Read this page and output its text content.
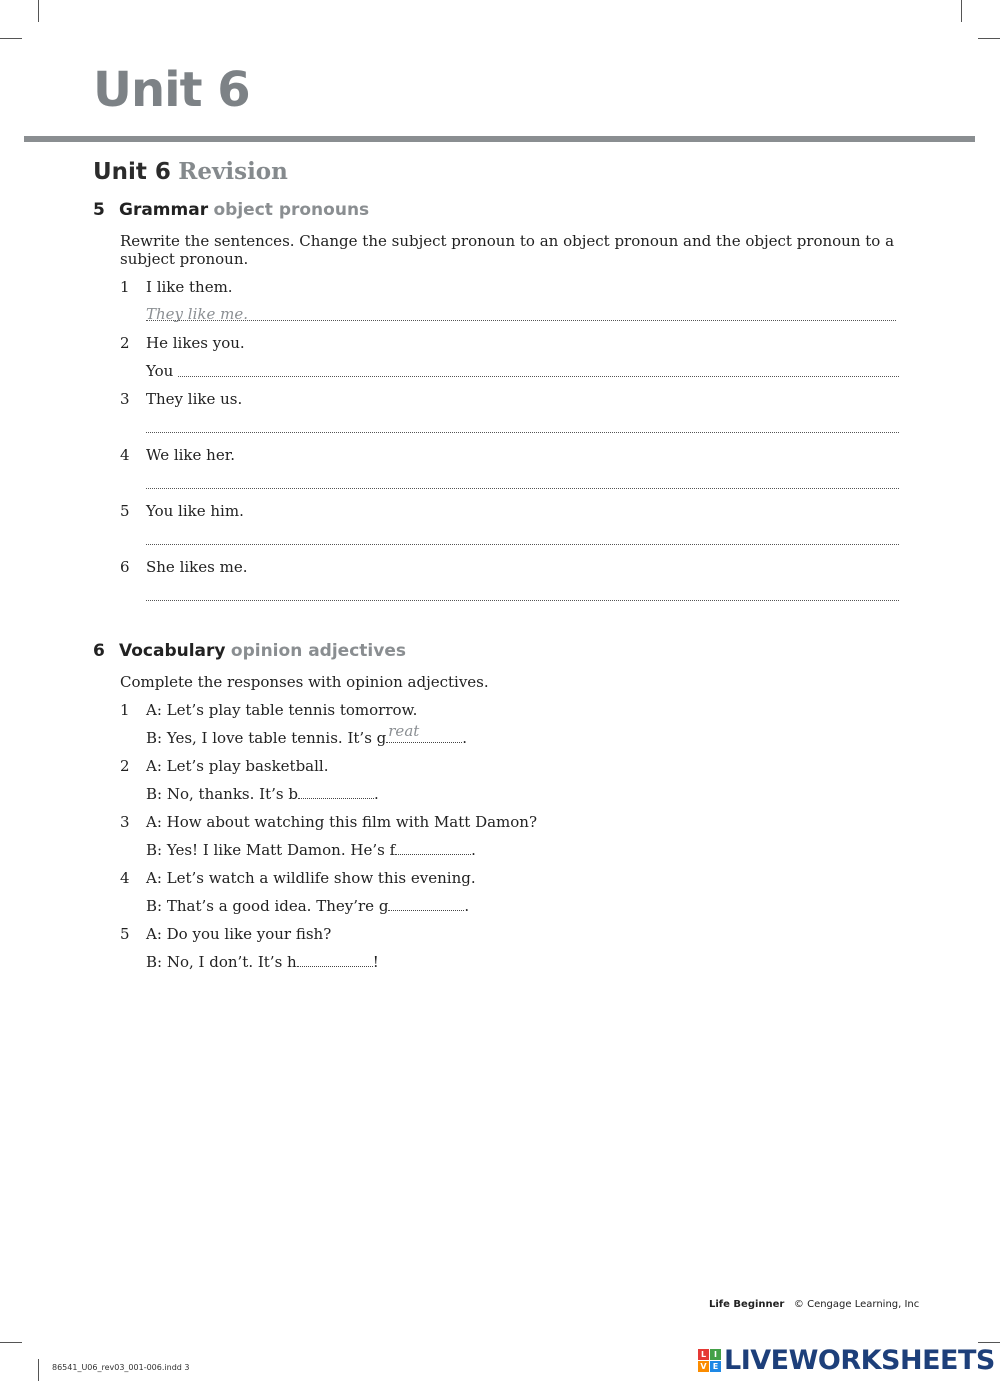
Unit 6
Unit 6 Revision
5 Grammar object pronouns
Rewrite the sentences. Change the subject pronoun to an object pronoun and the object pronoun to a
subject pronoun.
1 I like them.
They like me.
2 He likes you.
You
3 They like us.
4 We like her.
5 You like him.
6 She likes me.
6 Vocabulary opinion adjectives
Complete the responses with opinion adjectives.
1 A: Let’s play table tennis tomorrow.
B: Yes, I love table tennis. It’s g reat	.
2 A: Let’s play basketball.
B: No, thanks. It’s b	.
3 A: How about watching this film with Matt Damon?
B: Yes! I like Matt Damon. He’s f	.
4 A: Let’s watch a wildlife show this evening.
B: That’s a good idea. They’re g	.
5 A: Do you like your fish?
B: No, I don’t. It’s h	!
Life Beginner © Cengage Learning, Inc
86541_U06_rev03_001-006.indd 3
L I
V E LIVEWORKSHEETS
